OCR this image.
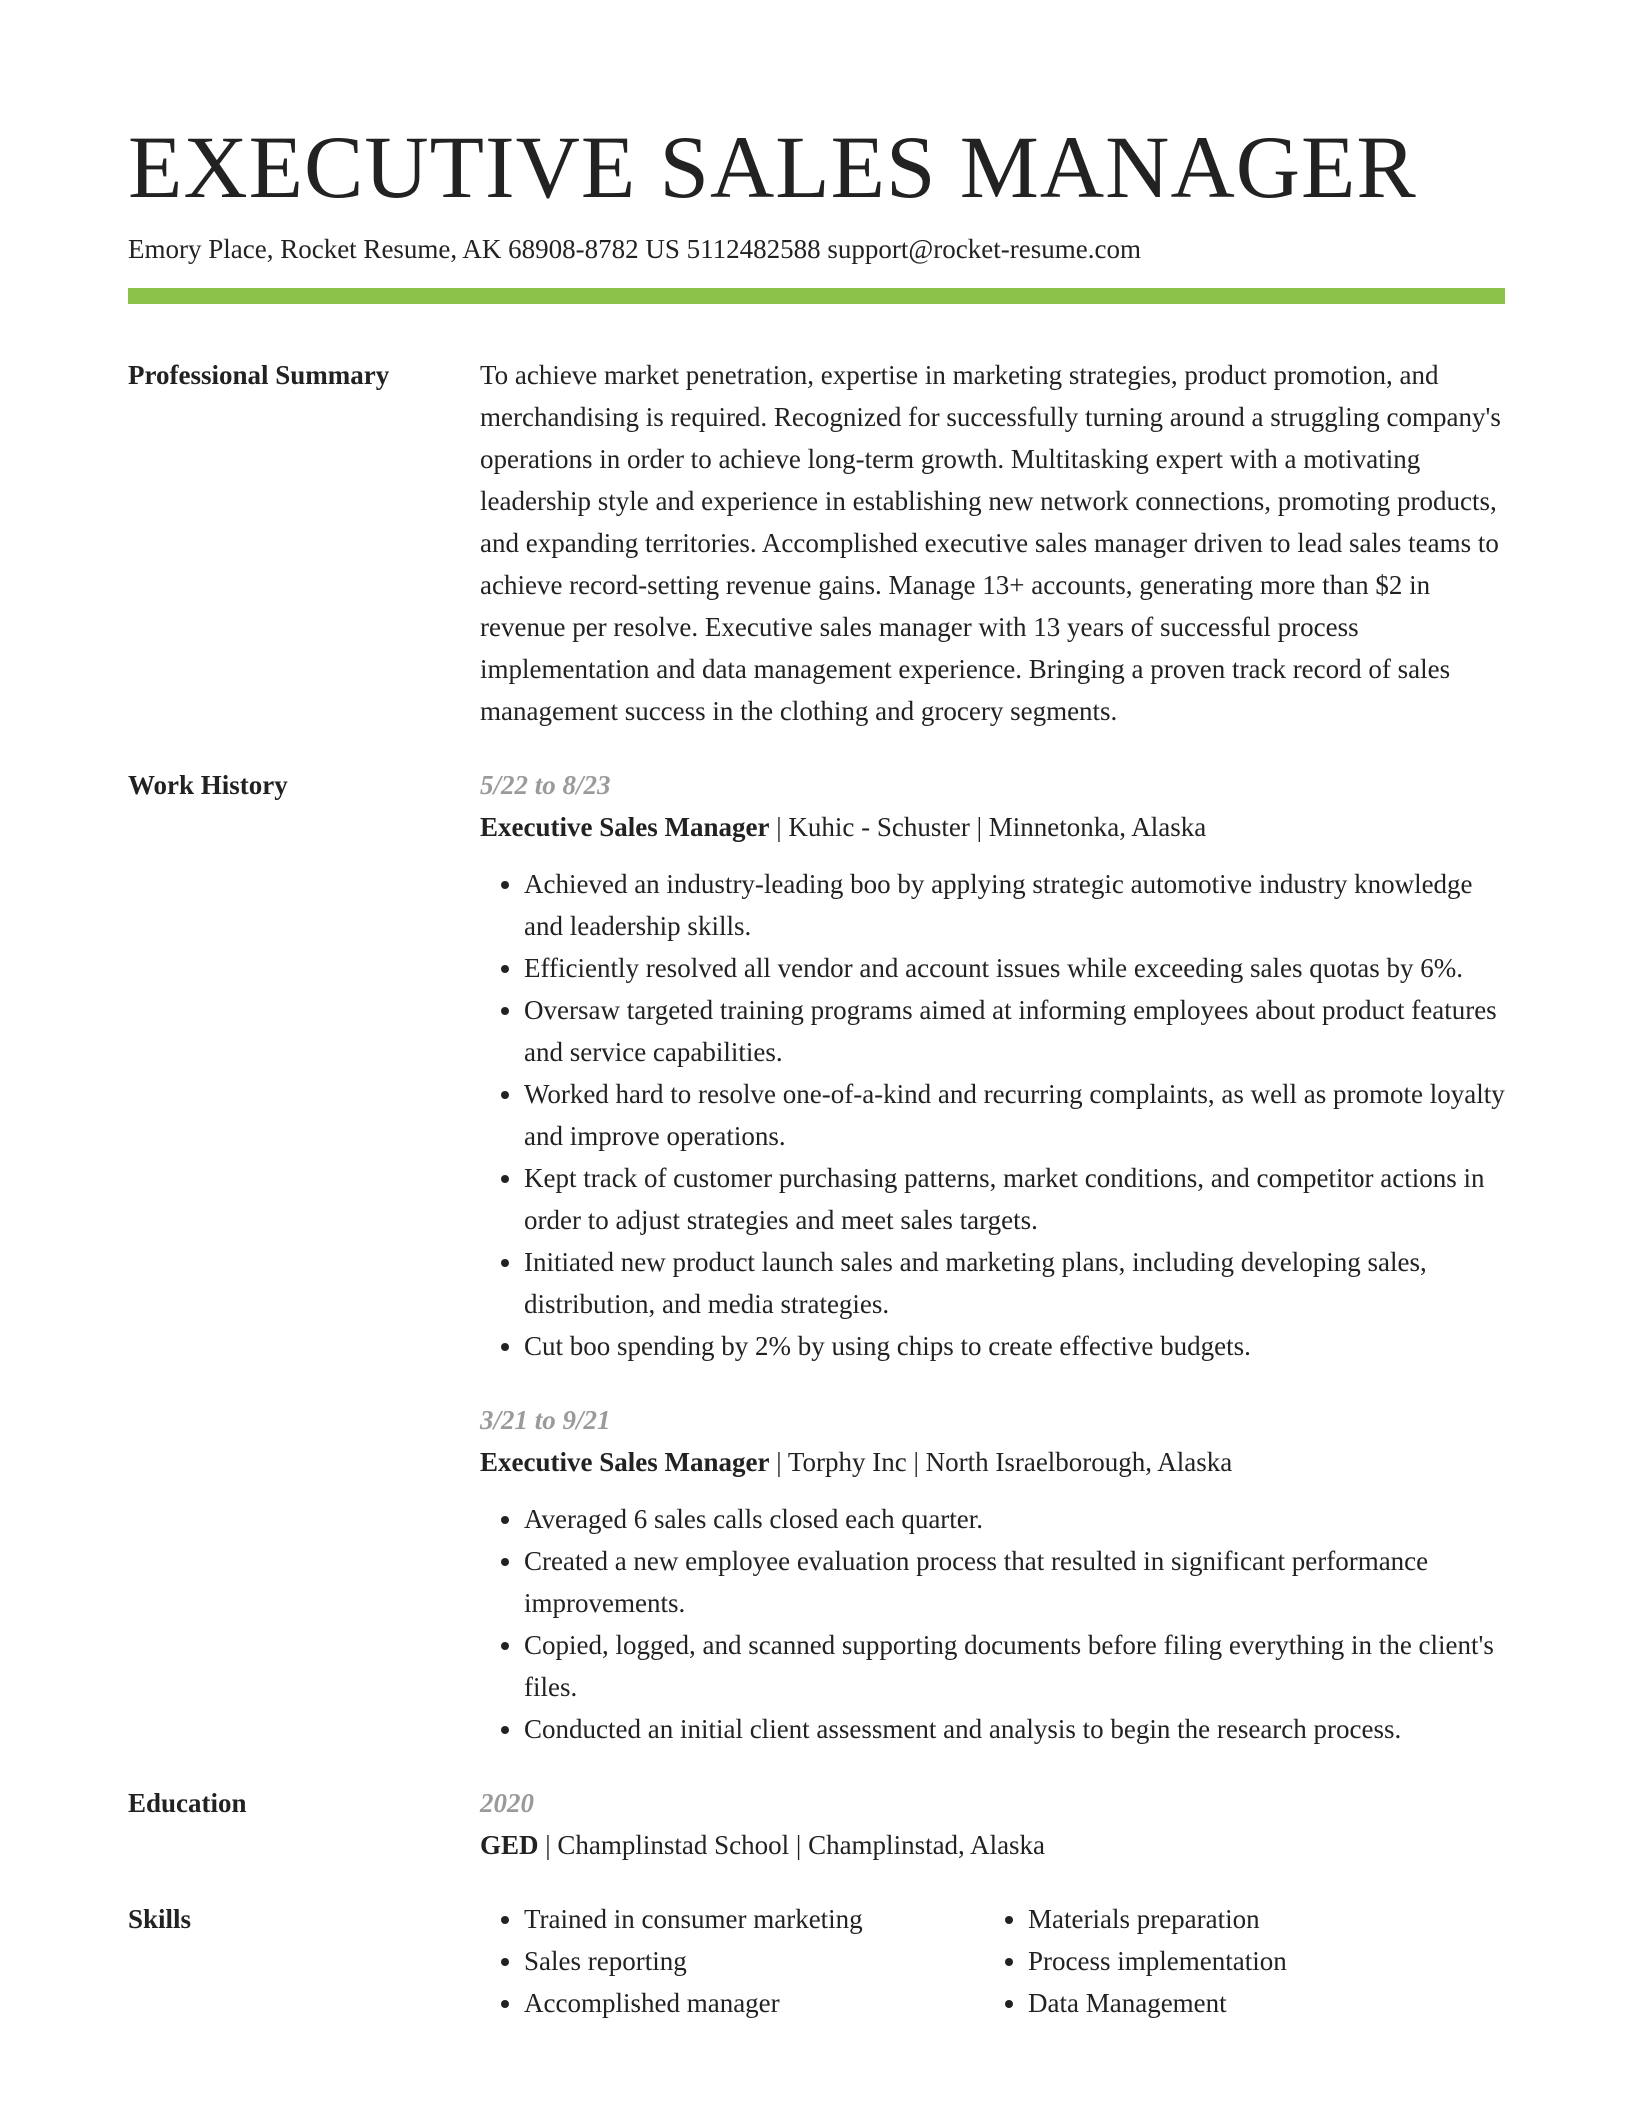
EXECUTIVE SALES MANAGER
Emory Place, Rocket Resume, AK 68908-8782 US 5112482588 support@rocket-resume.com
Professional Summary	To achieve market penetration, expertise in marketing strategies, product promotion, and merchandising is required. Recognized for successfully turning around a struggling company's operations in order to achieve long-term growth. Multitasking expert with a motivating leadership style and experience in establishing new network connections, promoting products, and expanding territories. Accomplished executive sales manager driven to lead sales teams to achieve record-setting revenue gains. Manage 13+ accounts, generating more than $2 in revenue per resolve. Executive sales manager with 13 years of successful process implementation and data management experience. Bringing a proven track record of sales management success in the clothing and grocery segments.
Work History	5/22 to 8/23
Executive Sales Manager | Kuhic - Schuster | Minnetonka, Alaska
• Achieved an industry-leading boo by applying strategic automotive industry knowledge and leadership skills.
• Efficiently resolved all vendor and account issues while exceeding sales quotas by 6%.
• Oversaw targeted training programs aimed at informing employees about product features and service capabilities.
• Worked hard to resolve one-of-a-kind and recurring complaints, as well as promote loyalty and improve operations.
• Kept track of customer purchasing patterns, market conditions, and competitor actions in order to adjust strategies and meet sales targets.
• Initiated new product launch sales and marketing plans, including developing sales, distribution, and media strategies.
• Cut boo spending by 2% by using chips to create effective budgets.
3/21 to 9/21
Executive Sales Manager | Torphy Inc | North Israelborough, Alaska
• Averaged 6 sales calls closed each quarter.
• Created a new employee evaluation process that resulted in significant performance improvements.
• Copied, logged, and scanned supporting documents before filing everything in the client's files.
• Conducted an initial client assessment and analysis to begin the research process.
Education	2020
GED | Champlinstad School | Champlinstad, Alaska
Skills
•	Trained in consumer marketing
• Sales reporting
• Accomplished manager
• Materials preparation
• Process implementation
• Data Management
